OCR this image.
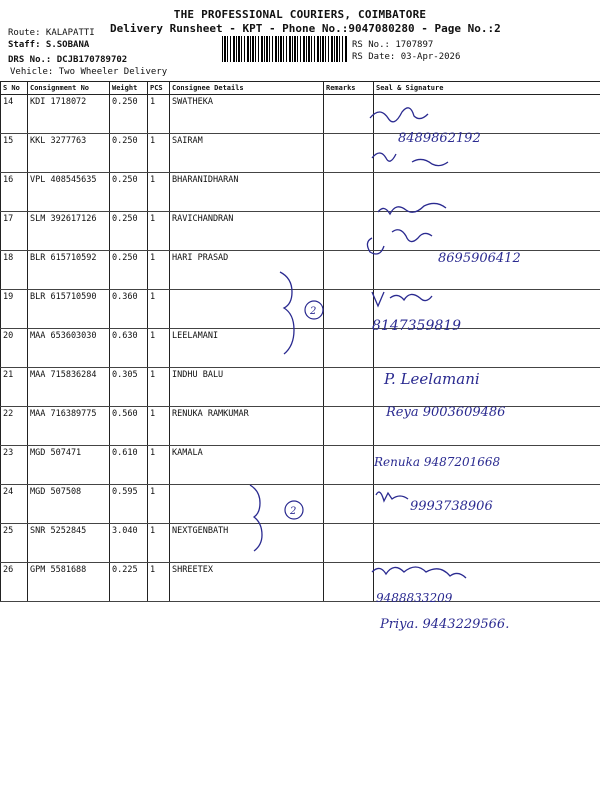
THE PROFESSIONAL COURIERS, COIMBATORE
Delivery Runsheet - KPT - Phone No.:9047080280 - Page No.:2
Route: KALAPATTI
Staff: S.SOBANA
DRS No.: DCJB170789702
Vehicle: Two Wheeler Delivery
RS No.: 1707897
RS Date: 03-Apr-2026
S No	Consignment No	Weight	PCS	Consignee Details	Remarks	Seal & Signature

14	KDI 1718072	0.250	1	SWATHEKA		

15	KKL 3277763	0.250	1	SAIRAM		

16	VPL 408545635	0.250	1	BHARANIDHARAN		

17	SLM 392617126	0.250	1	RAVICHANDRAN		

18	BLR 615710592	0.250	1	HARI PRASAD		

19	BLR 615710590	0.360	1			

20	MAA 653603030	0.630	1	LEELAMANI		

21	MAA 715836284	0.305	1	INDHU BALU		

22	MAA 716389775	0.560	1	RENUKA RAMKUMAR		

23	MGD 507471	0.610	1	KAMALA		

24	MGD 507508	0.595	1			

25	SNR 5252845	3.040	1	NEXTGENBATH		

26	GPM 5581688	0.225	1	SHREETEX		

2
2
8489862192
8695906412
8147359819
P. Leelamani
Reya 9003609486
Renuka 9487201668
9993738906
9488833209
Priya. 9443229566.
